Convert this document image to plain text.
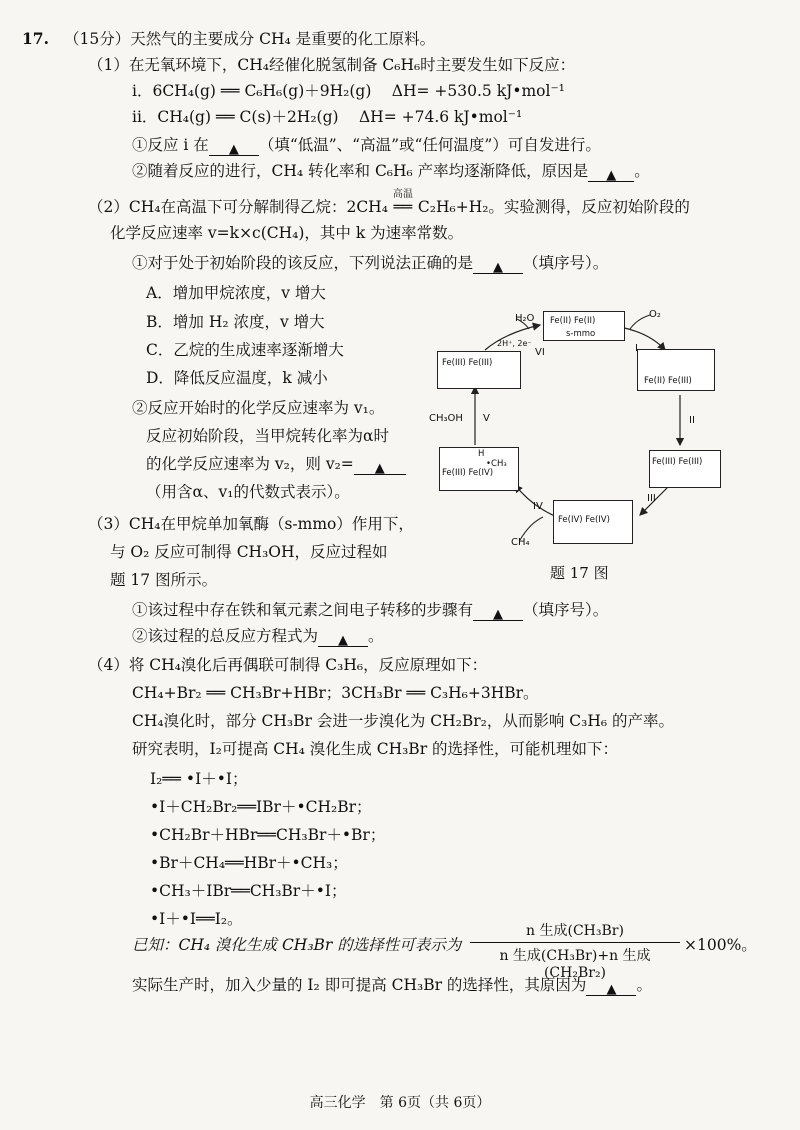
17. （15分）天然气的主要成分 CH₄ 是重要的化工原料。
（1）在无氧环境下，CH₄经催化脱氢制备 C₆H₆时主要发生如下反应：
i．6CH₄(g) ══ C₆H₆(g)＋9H₂(g)　 ΔH= +530.5 kJ•mol⁻¹
ii．CH₄(g) ══ C(s)＋2H₂(g)　 ΔH= +74.6 kJ•mol⁻¹
①反应 i 在 ▲ （填“低温”、“高温”或“任何温度”）可自发进行。
②随着反应的进行，CH₄ 转化率和 C₆H₆ 产率均逐渐降低，原因是 ▲ 。
（2）CH₄在高温下可分解制得乙烷：2CH₄
高温
══ C₂H₆+H₂。实验测得，反应初始阶段的
化学反应速率 v=k×c(CH₄)，其中 k 为速率常数。
①对于处于初始阶段的该反应，下列说法正确的是 ▲ （填序号）。
A．增加甲烷浓度，v 增大
B．增加 H₂ 浓度，v 增大
C．乙烷的生成速率逐渐增大
D．降低反应温度，k 减小
②反应开始时的化学反应速率为 v₁。
反应初始阶段，当甲烷转化率为α时
的化学反应速率为 v₂，则 v₂= ▲
（用含α、v₁的代数式表示）。
（3）CH₄在甲烷单加氧酶（s-mmo）作用下，
与 O₂ 反应可制得 CH₃OH，反应过程如
题 17 图所示。
①该过程中存在铁和氧元素之间电子转移的步骤有 ▲ （填序号）。
②该过程的总反应方程式为 ▲ 。
（4）将 CH₄溴化后再偶联可制得 C₃H₆，反应原理如下：
CH₄+Br₂ ══ CH₃Br+HBr；3CH₃Br ══ C₃H₆+3HBr。
CH₄溴化时，部分 CH₃Br 会进一步溴化为 CH₂Br₂，从而影响 C₃H₆ 的产率。
研究表明，I₂可提高 CH₄ 溴化生成 CH₃Br 的选择性，可能机理如下：
I₂══ •I＋•I；
•I＋CH₂Br₂══IBr＋•CH₂Br；
•CH₂Br＋HBr══CH₃Br＋•Br；
•Br＋CH₄══HBr＋•CH₃；
•CH₃＋IBr══CH₃Br＋•I；
•I＋•I══I₂。
已知：CH₄ 溴化生成 CH₃Br 的选择性可表示为
n 生成(CH₃Br)
n 生成(CH₃Br)+n 生成(CH₂Br₂)
×100%。
实际生产时，加入少量的 I₂ 即可提高 CH₃Br 的选择性，其原因为 ▲ 。
Fe(II) Fe(II)
s-mmo
Fe(III) Fe(III)
Fe(II) Fe(III)
Fe(III) Fe(III)
Fe(IV) Fe(IV)
H
•CH₃
Fe(III) Fe(IV)
H₂O	O₂
2H⁺, 2e⁻
CH₃OH
CH₄
I
II
III
IV
V
VI
题 17 图
高三化学　第 6页（共 6页）
